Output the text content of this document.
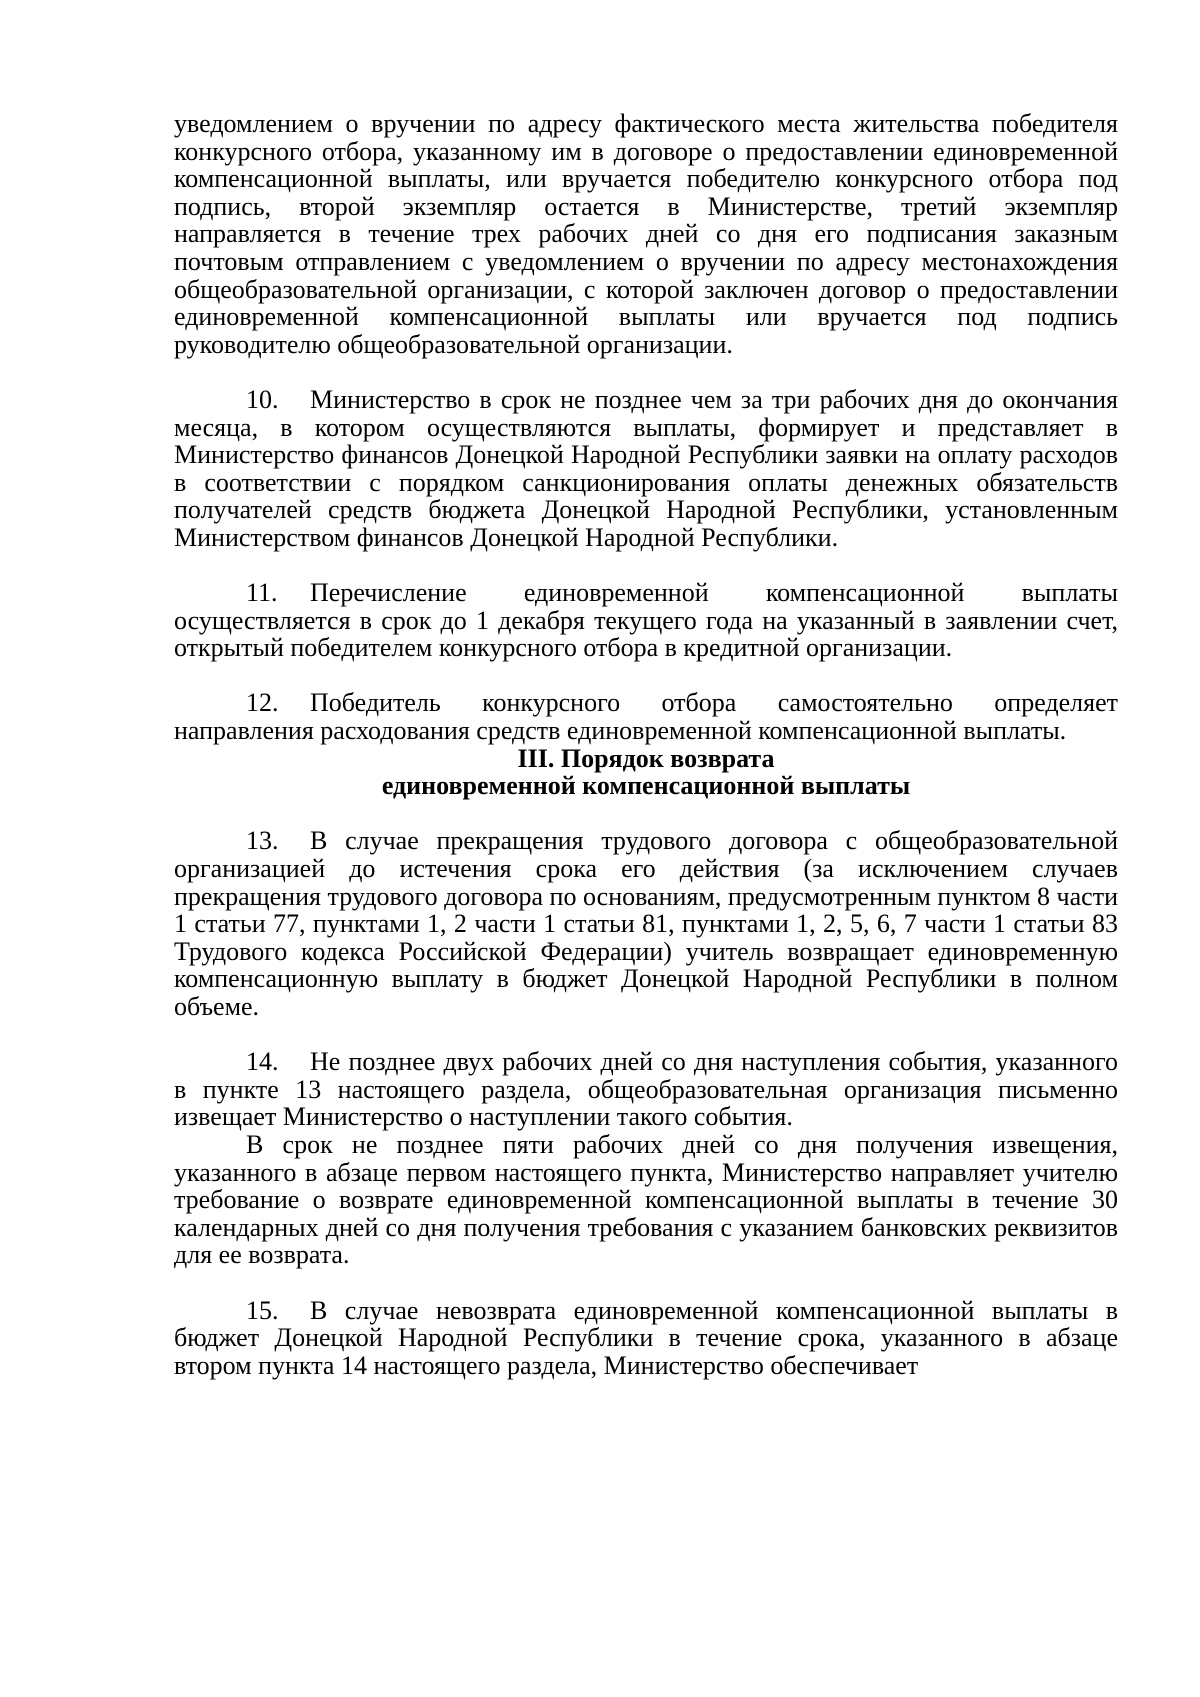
уведомлением о вручении по адресу фактического места жительства победителя конкурсного отбора, указанному им в договоре о предоставлении единовременной компенсационной выплаты, или вручается победителю конкурсного отбора под подпись, второй экземпляр остается в Министерстве, третий экземпляр направляется в течение трех рабочих дней со дня его подписания заказным почтовым отправлением с уведомлением о вручении по адресу местонахождения общеобразовательной организации, с которой заключен договор о предоставлении единовременной компенсационной выплаты или вручается под подпись руководителю общеобразовательной организации.

10. Министерство в срок не позднее чем за три рабочих дня до окончания месяца, в котором осуществляются выплаты, формирует и представляет в Министерство финансов Донецкой Народной Республики заявки на оплату расходов в соответствии с порядком санкционирования оплаты денежных обязательств получателей средств бюджета Донецкой Народной Республики, установленным Министерством финансов Донецкой Народной Республики.

11. Перечисление единовременной компенсационной выплаты осуществляется в срок до 1 декабря текущего года на указанный в заявлении счет, открытый победителем конкурсного отбора в кредитной организации.

12. Победитель конкурсного отбора самостоятельно определяет направления расходования средств единовременной компенсационной выплаты.

III. Порядок возврата

единовременной компенсационной выплаты

13. В случае прекращения трудового договора с общеобразовательной организацией до истечения срока его действия (за исключением случаев прекращения трудового договора по основаниям, предусмотренным пунктом 8 части 1 статьи 77, пунктами 1, 2 части 1 статьи 81, пунктами 1, 2, 5, 6, 7 части 1 статьи 83 Трудового кодекса Российской Федерации) учитель возвращает единовременную компенсационную выплату в бюджет Донецкой Народной Республики в полном объеме.

14. Не позднее двух рабочих дней со дня наступления события, указанного в пункте 13 настоящего раздела, общеобразовательная организация письменно извещает Министерство о наступлении такого события.

В срок не позднее пяти рабочих дней со дня получения извещения, указанного в абзаце первом настоящего пункта, Министерство направляет учителю требование о возврате единовременной компенсационной выплаты в течение 30 календарных дней со дня получения требования с указанием банковских реквизитов для ее возврата.

15. В случае невозврата единовременной компенсационной выплаты в бюджет Донецкой Народной Республики в течение срока, указанного в абзаце втором пункта 14 настоящего раздела, Министерство обеспечивает
